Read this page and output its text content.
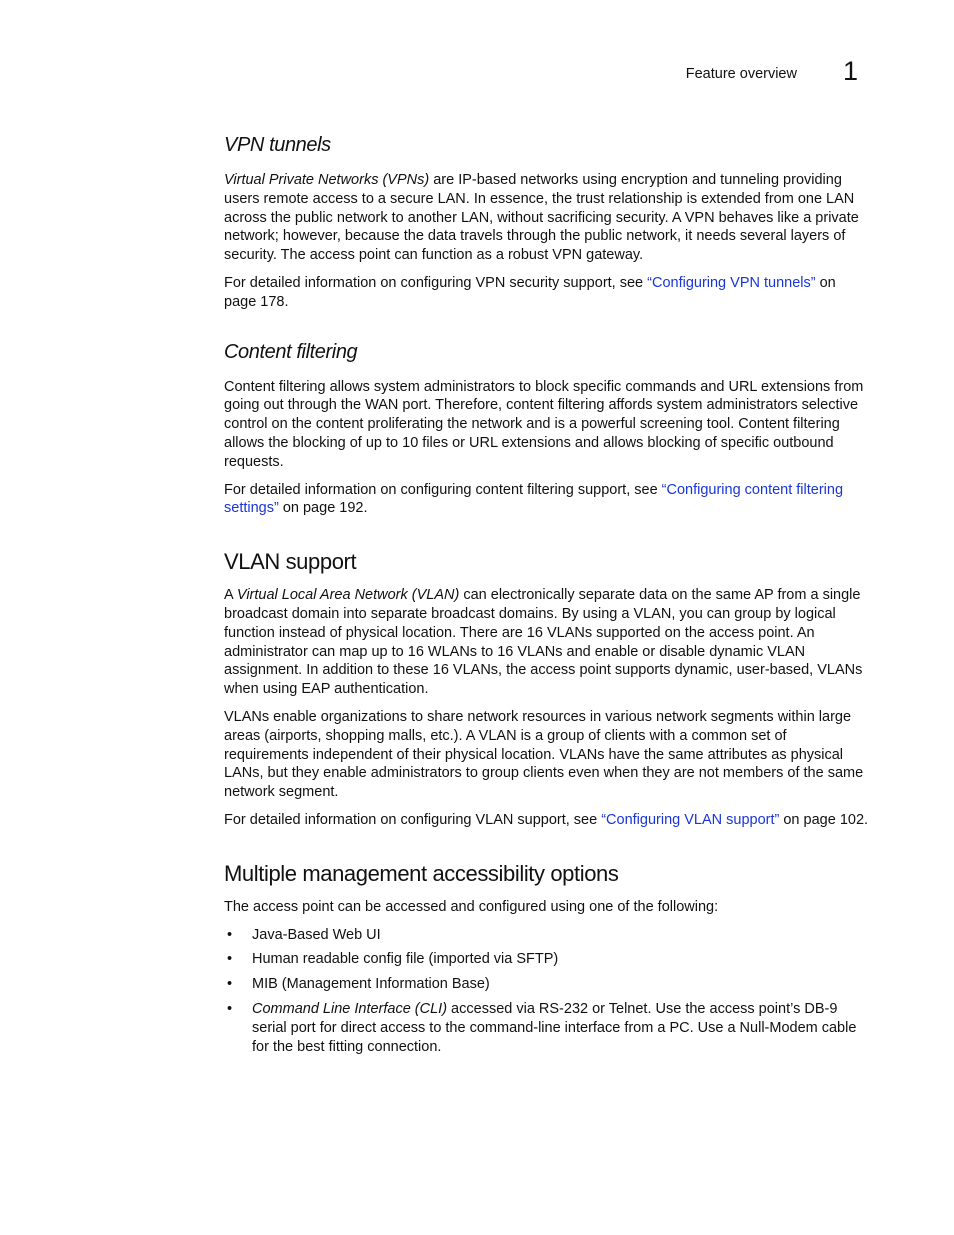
Feature overview 1
VPN tunnels

Virtual Private Networks (VPNs) are IP-based networks using encryption and tunneling providing users remote access to a secure LAN. In essence, the trust relationship is extended from one LAN across the public network to another LAN, without sacrificing security. A VPN behaves like a private network; however, because the data travels through the public network, it needs several layers of security. The access point can function as a robust VPN gateway.

For detailed information on configuring VPN security support, see “Configuring VPN tunnels” on page 178.

Content filtering

Content filtering allows system administrators to block specific commands and URL extensions from going out through the WAN port. Therefore, content filtering affords system administrators selective control on the content proliferating the network and is a powerful screening tool. Content filtering allows the blocking of up to 10 files or URL extensions and allows blocking of specific outbound requests.

For detailed information on configuring content filtering support, see “Configuring content filtering settings” on page 192.

VLAN support

A Virtual Local Area Network (VLAN) can electronically separate data on the same AP from a single broadcast domain into separate broadcast domains. By using a VLAN, you can group by logical function instead of physical location. There are 16 VLANs supported on the access point. An administrator can map up to 16 WLANs to 16 VLANs and enable or disable dynamic VLAN assignment. In addition to these 16 VLANs, the access point supports dynamic, user-based, VLANs when using EAP authentication.

VLANs enable organizations to share network resources in various network segments within large areas (airports, shopping malls, etc.). A VLAN is a group of clients with a common set of requirements independent of their physical location. VLANs have the same attributes as physical LANs, but they enable administrators to group clients even when they are not members of the same network segment.

For detailed information on configuring VLAN support, see “Configuring VLAN support” on page 102.

Multiple management accessibility options

The access point can be accessed and configured using one of the following:

• Java-Based Web UI
• Human readable config file (imported via SFTP)
• MIB (Management Information Base)
• Command Line Interface (CLI) accessed via RS-232 or Telnet. Use the access point’s DB-9 serial port for direct access to the command-line interface from a PC. Use a Null-Modem cable for the best fitting connection.
